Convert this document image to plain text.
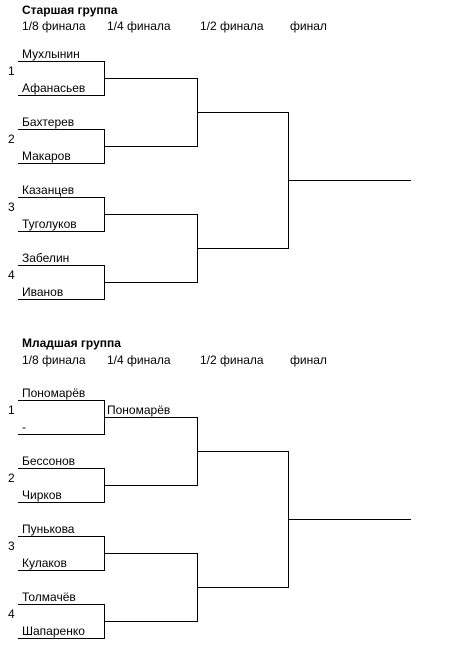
Старшая группа
1/8 финала 1/4 финала 1/2 финала финал
1
Мухлынин
Афанасьев
2
Бахтерев
Макаров
3
Казанцев
Туголуков
4
Забелин
Иванов
Младшая группа
1/8 финала 1/4 финала 1/2 финала финал
1
Пономарёв
-
Пономарёв
2
Бессонов
Чирков
3
Пунькова
Кулаков
4
Толмачёв
Шапаренко
